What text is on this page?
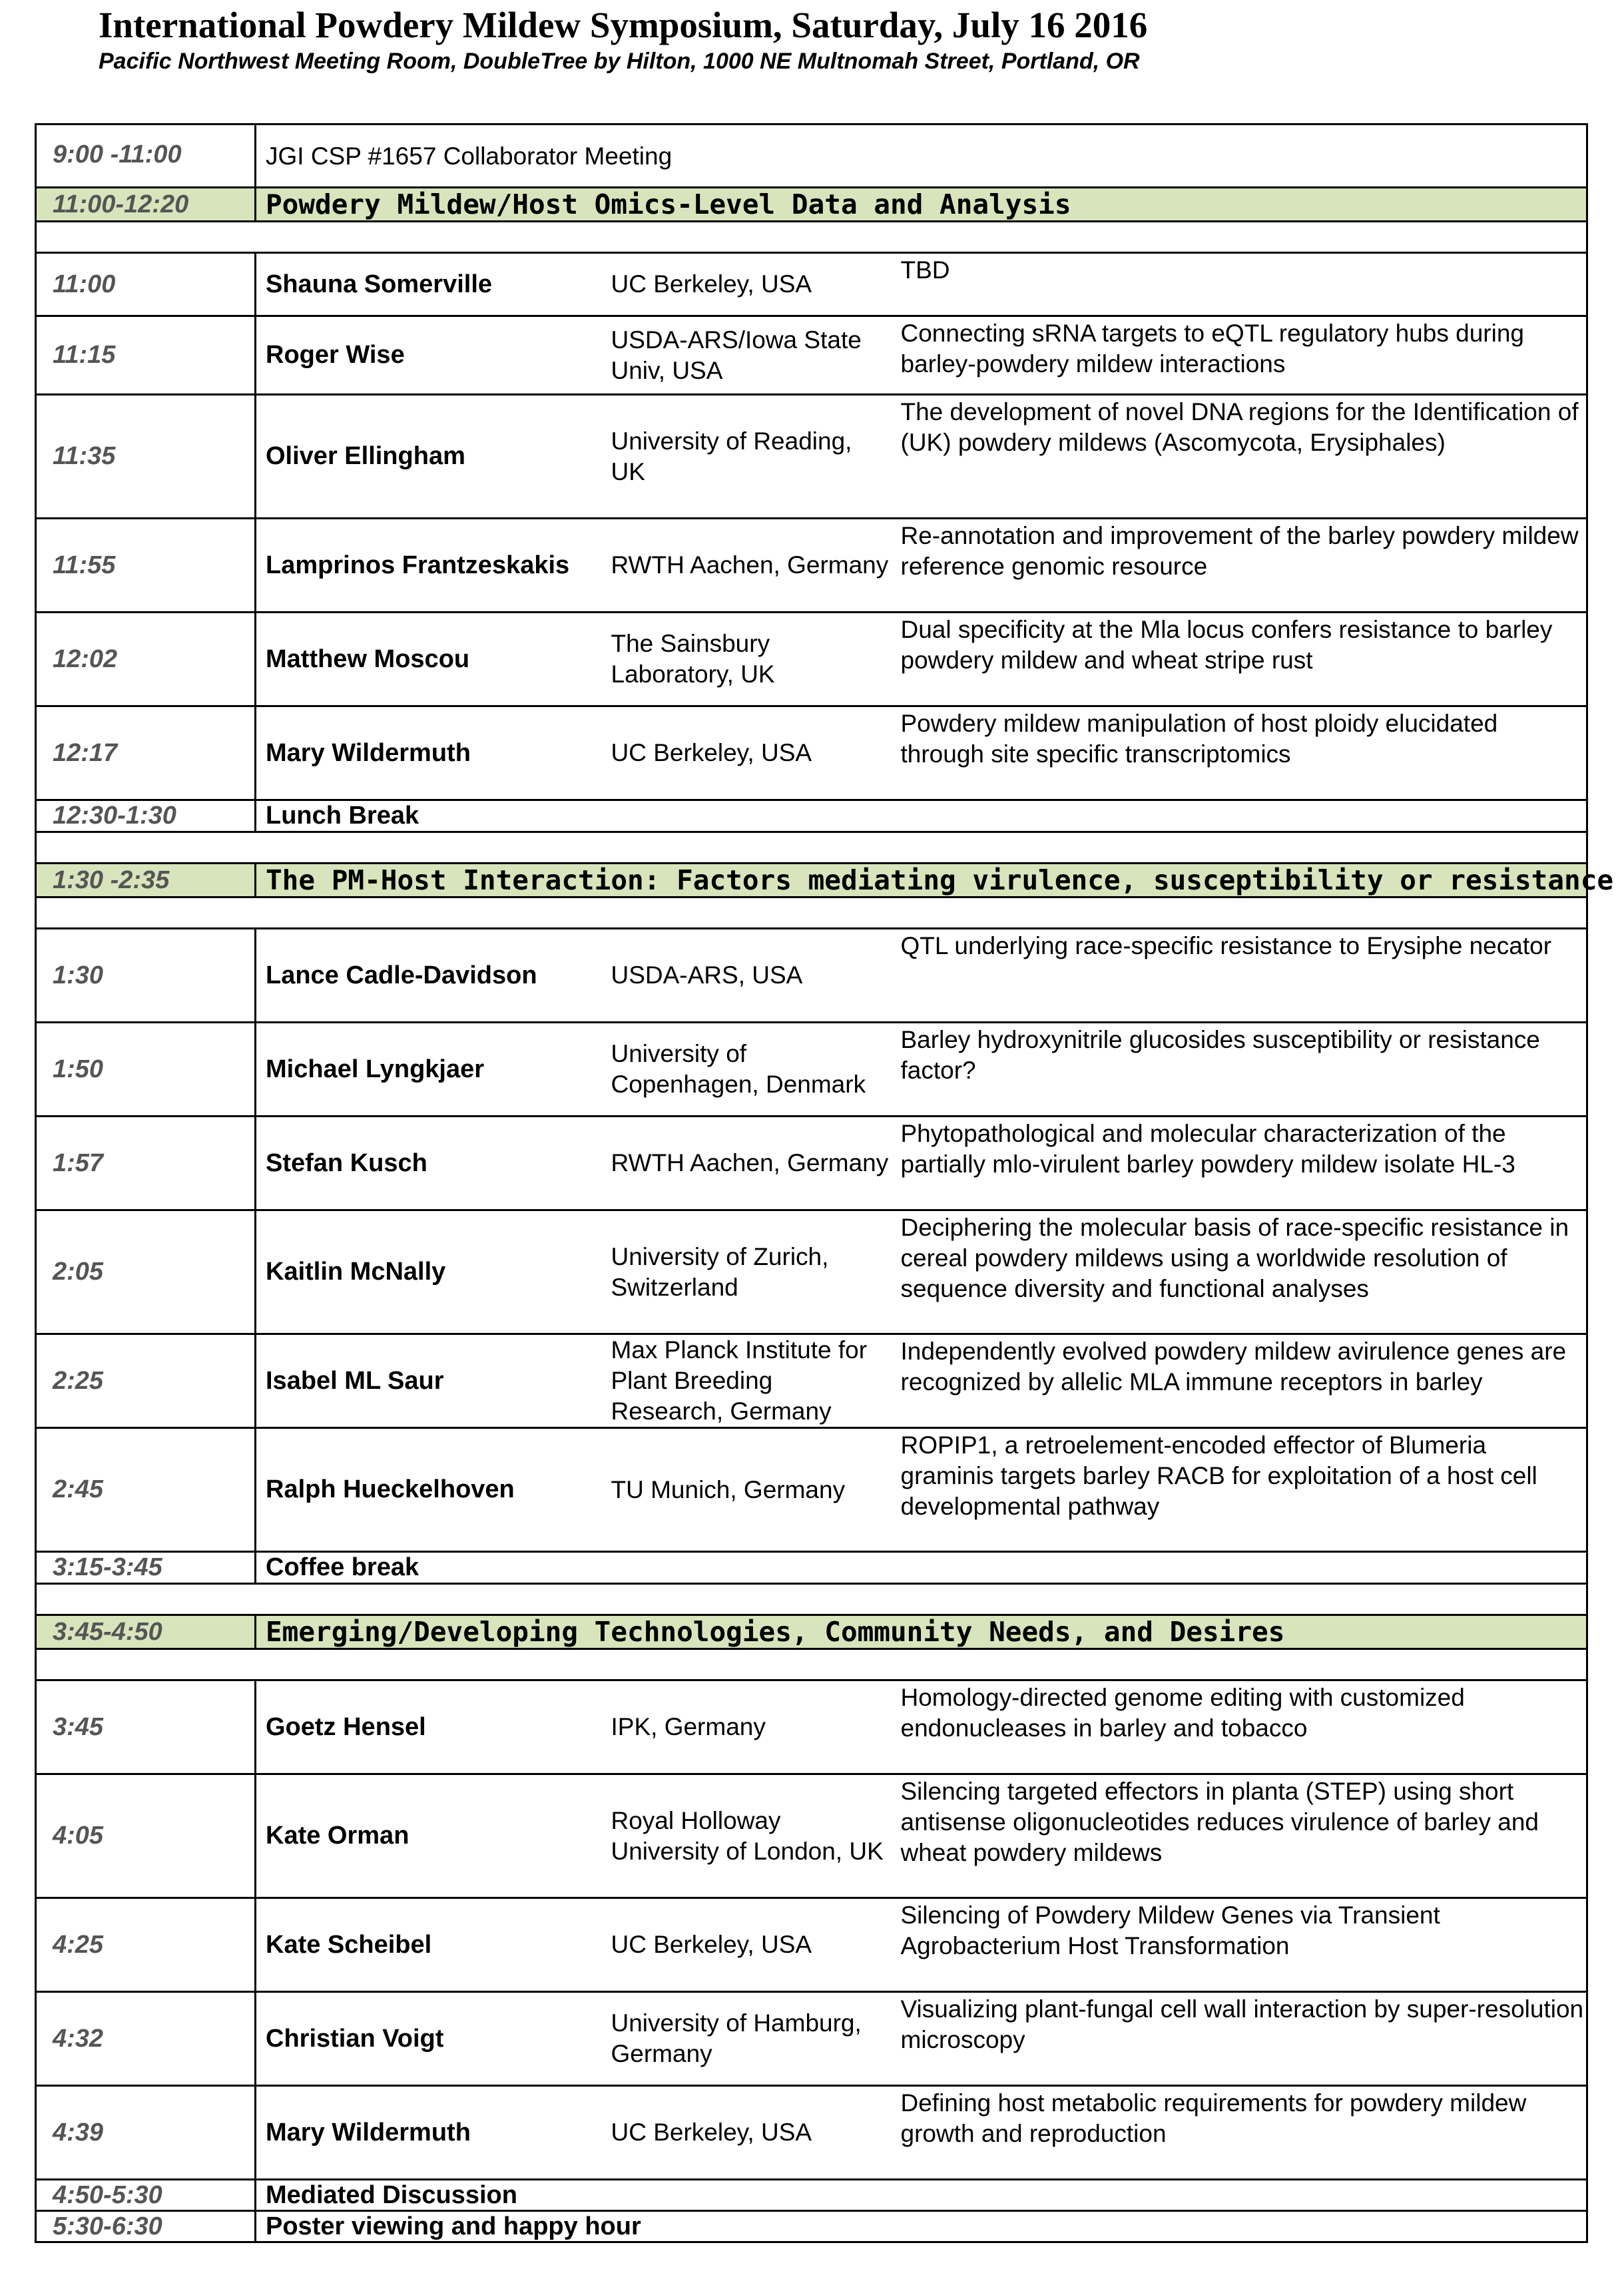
International Powdery Mildew Symposium, Saturday, July 16 2016

Pacific Northwest Meeting Room, DoubleTree by Hilton, 1000 NE Multnomah Street, Portland, OR

9:00 -11:00	JGI CSP #1657 Collaborator Meeting		
11:00-12:20	Powdery Mildew/Host Omics-Level Data and Analysis		

11:00	Shauna Somerville	UC Berkeley, USA	TBD
11:15	Roger Wise	USDA-ARS/Iowa State Univ, USA	Connecting sRNA targets to eQTL regulatory hubs during barley-powdery mildew interactions
11:35	Oliver Ellingham	University of Reading, UK	The development of novel DNA regions for the Identification of (UK) powdery mildews (Ascomycota, Erysiphales)
11:55	Lamprinos Frantzeskakis	RWTH Aachen, Germany	Re-annotation and improvement of the barley powdery mildew reference genomic resource
12:02	Matthew Moscou	The Sainsbury Laboratory, UK	Dual specificity at the Mla locus confers resistance to barley powdery mildew and wheat stripe rust
12:17	Mary Wildermuth	UC Berkeley, USA	Powdery mildew manipulation of host ploidy elucidated through site specific transcriptomics
12:30-1:30	Lunch Break		

1:30 -2:35	The PM-Host Interaction: Factors mediating virulence, susceptibility or resistance		

1:30	Lance Cadle-Davidson	USDA-ARS, USA	QTL underlying race-specific resistance to Erysiphe necator
1:50	Michael Lyngkjaer	University of Copenhagen, Denmark	Barley hydroxynitrile glucosides susceptibility or resistance factor?
1:57	Stefan Kusch	RWTH Aachen, Germany	Phytopathological and molecular characterization of the partially mlo-virulent barley powdery mildew isolate HL-3
2:05	Kaitlin McNally	University of Zurich, Switzerland	Deciphering the molecular basis of race-specific resistance in cereal powdery mildews using a worldwide resolution of sequence diversity and functional analyses
2:25	Isabel ML Saur	Max Planck Institute for Plant Breeding Research, Germany	Independently evolved powdery mildew avirulence genes are recognized by allelic MLA immune receptors in barley
2:45	Ralph Hueckelhoven	TU Munich, Germany	ROPIP1, a retroelement-encoded effector of Blumeria graminis targets barley RACB for exploitation of a host cell developmental pathway
3:15-3:45	Coffee break		

3:45-4:50	Emerging/Developing Technologies, Community Needs, and Desires		

3:45	Goetz Hensel	IPK, Germany	Homology-directed genome editing with customized endonucleases in barley and tobacco
4:05	Kate Orman	Royal Holloway University of London, UK	Silencing targeted effectors in planta (STEP) using short antisense oligonucleotides reduces virulence of barley and wheat powdery mildews
4:25	Kate Scheibel	UC Berkeley, USA	Silencing of Powdery Mildew Genes via Transient Agrobacterium Host Transformation
4:32	Christian Voigt	University of Hamburg, Germany	Visualizing plant-fungal cell wall interaction by super-resolution microscopy
4:39	Mary Wildermuth	UC Berkeley, USA	Defining host metabolic requirements for powdery mildew growth and reproduction
4:50-5:30	Mediated Discussion		
5:30-6:30	Poster viewing and happy hour		
